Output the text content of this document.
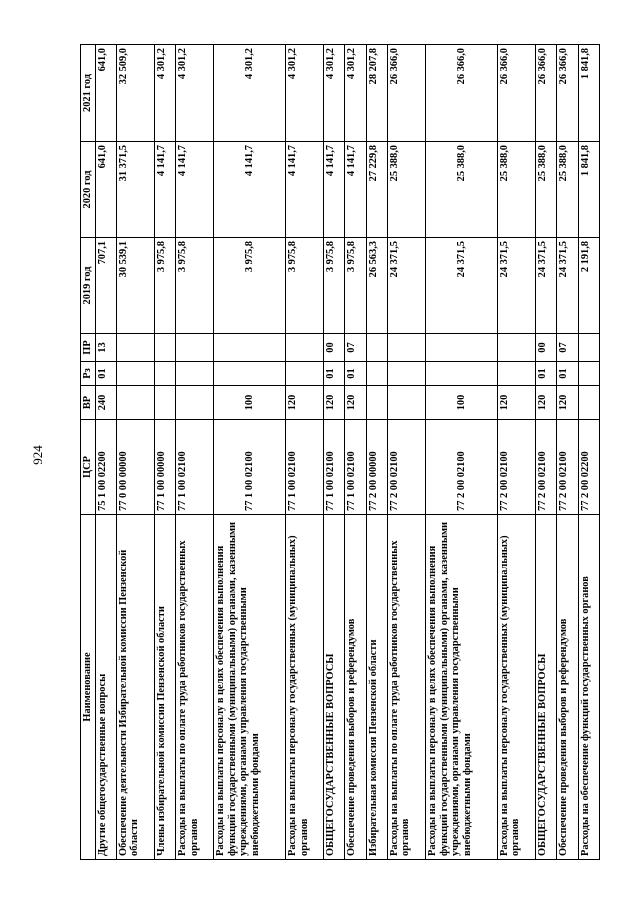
924
Наименование	ЦСР	ВР	Рз	ПР	2019 год	2020 год	2021 год
Другие общегосударственные вопросы	75 1 00 02200	240	01	13	707,1	641,0	641,0
Обеспечение деятельности Избирательной комиссии Пензенской области	77 0 00 00000				30 539,1	31 371,5	32 509,0
Члены избирательной комиссии Пензенской области	77 1 00 00000				3 975,8	4 141,7	4 301,2
Расходы на выплаты по оплате труда работников государственных органов	77 1 00 02100				3 975,8	4 141,7	4 301,2
Расходы на выплаты персоналу в целях обеспечения выполнения функций государственными (муниципальными) органами, казенными учреждениями, органами управления государственными внебюджетными фондами	77 1 00 02100	100			3 975,8	4 141,7	4 301,2
Расходы на выплаты персоналу государственных (муниципальных) органов	77 1 00 02100	120			3 975,8	4 141,7	4 301,2
ОБЩЕГОСУДАРСТВЕННЫЕ ВОПРОСЫ	77 1 00 02100	120	01	00	3 975,8	4 141,7	4 301,2
Обеспечение проведения выборов и референдумов	77 1 00 02100	120	01	07	3 975,8	4 141,7	4 301,2
Избирательная комиссия Пензенской области	77 2 00 00000				26 563,3	27 229,8	28 207,8
Расходы на выплаты по оплате труда работников государственных органов	77 2 00 02100				24 371,5	25 388,0	26 366,0
Расходы на выплаты персоналу в целях обеспечения выполнения функций государственными (муниципальными) органами, казенными учреждениями, органами управления государственными внебюджетными фондами	77 2 00 02100	100			24 371,5	25 388,0	26 366,0
Расходы на выплаты персоналу государственных (муниципальных) органов	77 2 00 02100	120			24 371,5	25 388,0	26 366,0
ОБЩЕГОСУДАРСТВЕННЫЕ ВОПРОСЫ	77 2 00 02100	120	01	00	24 371,5	25 388,0	26 366,0
Обеспечение проведения выборов и референдумов	77 2 00 02100	120	01	07	24 371,5	25 388,0	26 366,0
Расходы на обеспечение функций государственных органов	77 2 00 02200				2 191,8	1 841,8	1 841,8
